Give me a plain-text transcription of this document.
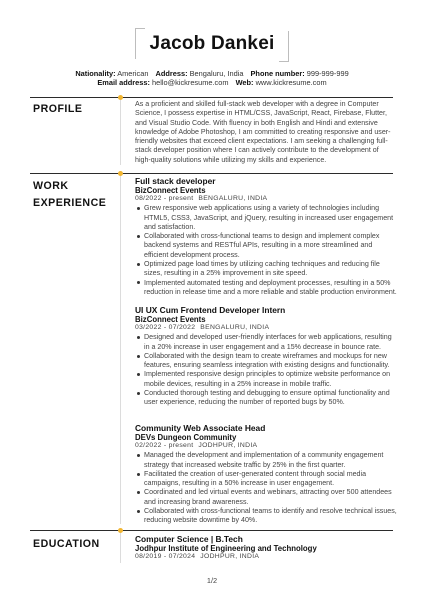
Jacob Dankei
Nationality: American Address: Bengaluru, India Phone number: 999-999-999
Email address: hello@kickresume.com Web: www.kickresume.com
PROFILE	As a proficient and skilled full-stack web developer with a degree in Computer Science, I possess expertise in HTML/CSS, JavaScript, React, Firebase, Flutter, and Visual Studio Code. With fluency in both English and Hindi and extensive knowledge of Adobe Photoshop, I am committed to creating responsive and user-friendly websites that exceed client expectations. I am seeking a challenging full-stack developer position where I can actively contribute to the development of high-quality solutions while utilizing my skills and experience.
WORK
EXPERIENCE
Full stack developer
BizConnect Events
08/2022 - present BENGALURU, INDIA
Grew responsive web applications using a variety of technologies including HTML5, CSS3, JavaScript, and jQuery, resulting in increased user engagement and satisfaction.
Collaborated with cross-functional teams to design and implement complex backend systems and RESTful APIs, resulting in a more streamlined and efficient development process.
Optimized page load times by utilizing caching techniques and reducing file sizes, resulting in a 25% improvement in site speed.
Implemented automated testing and deployment processes, resulting in a 50% reduction in release time and a more reliable and stable production environment.
UI UX Cum Frontend Developer Intern
BizConnect Events
03/2022 - 07/2022 BENGALURU, INDIA
Designed and developed user-friendly interfaces for web applications, resulting in a 20% increase in user engagement and a 15% decrease in bounce rate.
Collaborated with the design team to create wireframes and mockups for new features, ensuring seamless integration with existing designs and functionality.
Implemented responsive design principles to optimize website performance on mobile devices, resulting in a 25% increase in mobile traffic.
Conducted thorough testing and debugging to ensure optimal functionality and user experience, reducing the number of reported bugs by 50%.
Community Web Associate Head
DEVs Dungeon Community
02/2022 - present JODHPUR, INDIA
Managed the development and implementation of a community engagement strategy that increased website traffic by 25% in the first quarter.
Facilitated the creation of user-generated content through social media campaigns, resulting in a 50% increase in user engagement.
Coordinated and led virtual events and webinars, attracting over 500 attendees and increasing brand awareness.
Collaborated with cross-functional teams to identify and resolve technical issues, reducing website downtime by 40%.
EDUCATION	Computer Science | B.Tech
Jodhpur Institute of Engineering and Technology
08/2019 - 07/2024 JODHPUR, INDIA
1/2
